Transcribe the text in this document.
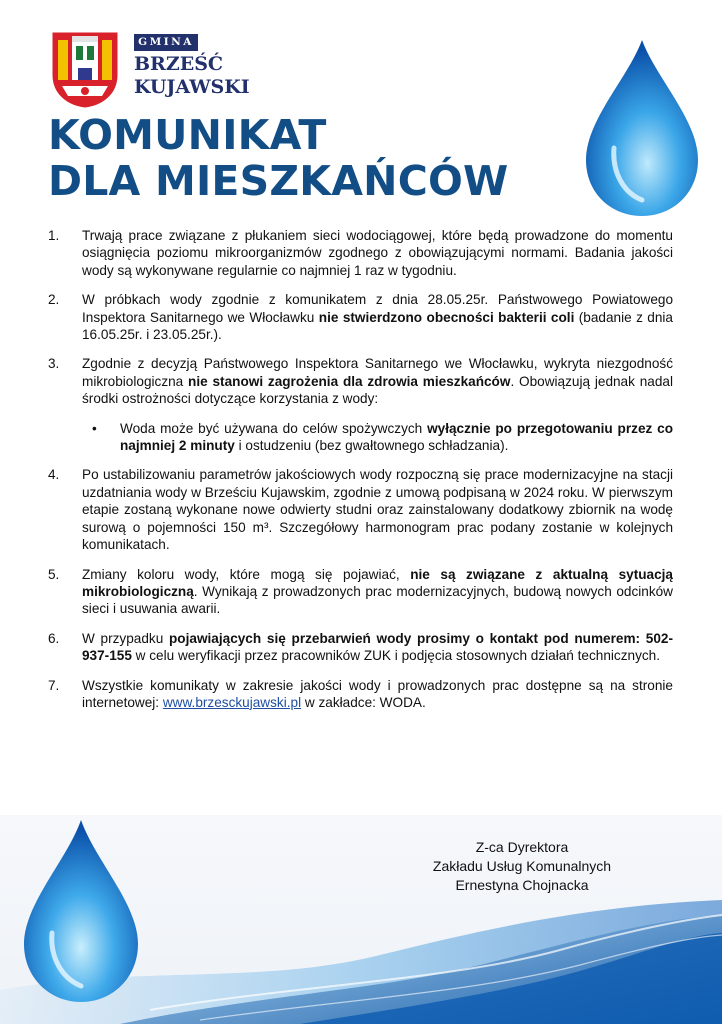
GMINA
BRZEŚĆ
KUJAWSKI
KOMUNIKAT
DLA MIESZKAŃCÓW
1. Trwają prace związane z płukaniem sieci wodociągowej, które będą prowadzone do momentu osiągnięcia poziomu mikroorganizmów zgodnego z obowiązującymi normami. Badania jakości wody są wykonywane regularnie co najmniej 1 raz w tygodniu.
2. W próbkach wody zgodnie z komunikatem z dnia 28.05.25r. Państwowego Powiatowego Inspektora Sanitarnego we Włocławku nie stwierdzono obecności bakterii coli (badanie z dnia 16.05.25r. i 23.05.25r.).
3. Zgodnie z decyzją Państwowego Inspektora Sanitarnego we Włocławku, wykryta niezgodność mikrobiologiczna nie stanowi zagrożenia dla zdrowia mieszkańców. Obowiązują jednak nadal środki ostrożności dotyczące korzystania z wody:
• Woda może być używana do celów spożywczych wyłącznie po przegotowaniu przez co najmniej 2 minuty i ostudzeniu (bez gwałtownego schładzania).
4. Po ustabilizowaniu parametrów jakościowych wody rozpoczną się prace modernizacyjne na stacji uzdatniania wody w Brześciu Kujawskim, zgodnie z umową podpisaną w 2024 roku. W pierwszym etapie zostaną wykonane nowe odwierty studni oraz zainstalowany dodatkowy zbiornik na wodę surową o pojemności 150 m³. Szczegółowy harmonogram prac podany zostanie w kolejnych komunikatach.
5. Zmiany koloru wody, które mogą się pojawiać, nie są związane z aktualną sytuacją mikrobiologiczną. Wynikają z prowadzonych prac modernizacyjnych, budową nowych odcinków sieci i usuwania awarii.
6. W przypadku pojawiających się przebarwień wody prosimy o kontakt pod numerem: 502-937-155 w celu weryfikacji przez pracowników ZUK i podjęcia stosownych działań technicznych.
7. Wszystkie komunikaty w zakresie jakości wody i prowadzonych prac dostępne są na stronie internetowej: www.brzesckujawski.pl w zakładce: WODA.
Z-ca Dyrektora
Zakładu Usług Komunalnych
Ernestyna Chojnacka
